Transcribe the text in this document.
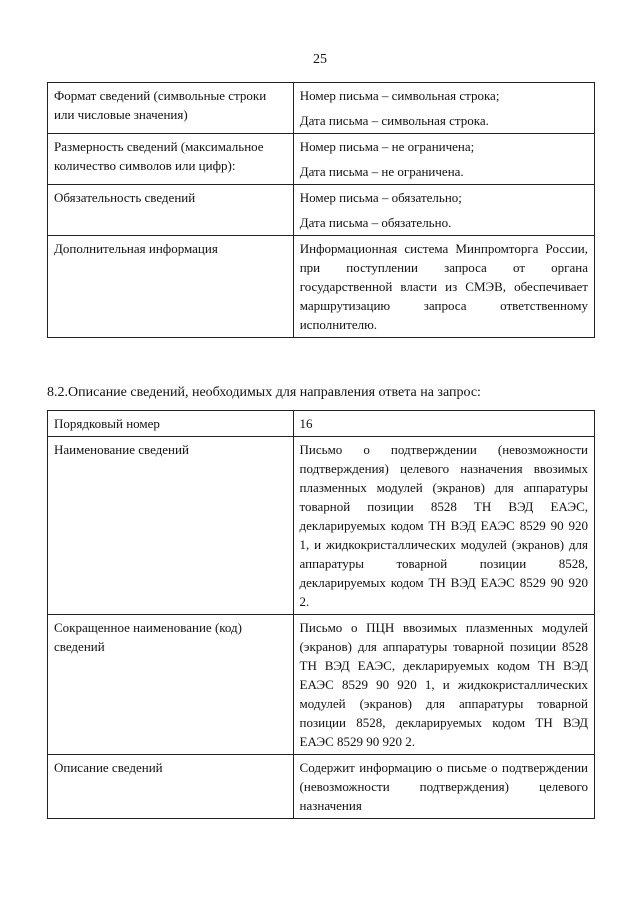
25
Формат сведений (символьные строки или числовые значения)	Номер письма – символьная строка;

Дата письма – символьная строка.

Размерность сведений (максимальное количество символов или цифр):	Номер письма – не ограничена;

Дата письма – не ограничена.

Обязательность сведений	Номер письма – обязательно;

Дата письма – обязательно.

Дополнительная информация	Информационная система Минпромторга России, при поступлении запроса от органа государственной власти из СМЭВ, обеспечивает маршрутизацию запроса ответственному исполнителю.

8.2.Описание сведений, необходимых для направления ответа на запрос:
Порядковый номер	16
Наименование сведений	Письмо о подтверждении (невозможности подтверждения) целевого назначения ввозимых плазменных модулей (экранов) для аппаратуры товарной позиции 8528 ТН ВЭД ЕАЭС, декларируемых кодом ТН ВЭД ЕАЭС 8529 90 920 1, и жидкокристаллических модулей (экранов) для аппаратуры товарной позиции 8528, декларируемых кодом ТН ВЭД ЕАЭС 8529 90 920 2.
Сокращенное наименование (код) сведений	Письмо о ПЦН ввозимых плазменных модулей (экранов) для аппаратуры товарной позиции 8528 ТН ВЭД ЕАЭС, декларируемых кодом ТН ВЭД ЕАЭС 8529 90 920 1, и жидкокристаллических модулей (экранов) для аппаратуры товарной позиции 8528, декларируемых кодом ТН ВЭД ЕАЭС 8529 90 920 2.
Описание сведений	Содержит информацию о письме о подтверждении (невозможности подтверждения) целевого назначения
